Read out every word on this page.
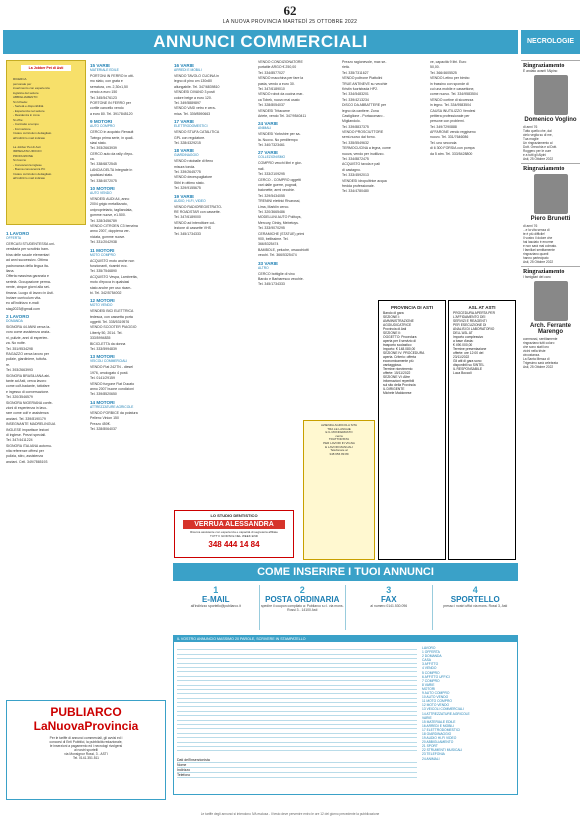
62
LA NUOVA PROVINCIA MARTEDÌ 25 OTTOBRE 2022
ANNUNCI COMMERCIALI	NECROLOGIE
La Jobber Pet di Asti
RICERCA
personale per
inserimento con esperienza
logistica del settore
ABBIGLIAMENTO
Si richiede:
- Serietà e disponibilità
- Esperienza nel settore
- Residenza in zona
Si offre:
- Contratto a tempo
- Formazione
Inviare curriculum dettagliato
all'indirizzo mail indicato
La Jobber Pet di Asti
IMPIEGATA UFFICIO
PRODUZIONE
Si ricerca:
- Conoscenza inglese
- Buona conoscenza PC
Inviare curriculum dettagliato
all'indirizzo mail indicato
1 LAVORO
OFFERTA

CERCASI STUDENTESSA uni-

versitaria per scrutinio bam-

bina delle scuole elementari

ad anni successivo. Ottima

padronanza della lingua ita-

liana.

Offerta massima garanzia e

serietà. Occupazione perma-

nente, cinque giorni alla set-

timana. Luogo di lavoro in Asti.

Inviare curriculum vita-

eo all'indirizzo e-mail:

stag2023@gmail.com

2 LAVORO
DOMANDA

SIGNORA 44 ANNI cerca la-

voro come assistenza anzia-

ni, pulizie, anni di esperien-

za. No notte.

Tel. 351/9534298

RAGAZZO cerca lavoro per

pulizie, giardiniere, tuttofa-

re.

Tel. 393/2663993

SIGNORA BRASILIANA abi-

tante ad Asti, cerca lavoro

come colf-badante, tuttofare

e ingesso di conversazione.

Tel. 320/3546579

SIGNORA NIGERIANA confe-

zioni di esperienza in lavo-

rare come colf e assistenza

anziani. Tel. 339/8190179

INSEGNANTE MADRELINGUA

INGLESE impartisce lezioni

di inglese. Prezzi speciali.

Tel. 347/4411224

SIGNORA ITALIANA automu-

nita referenze offresi per

pulizia, stiro, assistenza

anziani. Cell. 349/7865193

15 VARIE
MATERIALE EDILE

PORTONI IN FERRO in otti-

mo stato, con grata e

serratura, cm. 2,30x1,50

vendo a euro 150

Tel. 345/5476123

PORTONE IN FERRO per

cortile cancello vendo

a euro 80. Tel. 3917845120

9 MOTORI
AUTO COMPRO

CERCO in acquisto Renault

Twingo prima serie, in quali-

siasi stato.

Tel. 393/2663939

CERCO auto da rally d'epo-

ca.

Tel. 338/6872545

LANCIA DELTA Integrale in

qualsiasi stato.

Tel. 338/4072075

10 MOTORI
AUTO VENDO

VENDESI AUDI A4, anno

2004 grigio metallizzato,

uniproprietario, tagliandata,

gomme nuove, e1.500.

Tel. 328/3456789

VENDO CITROEN C3 benzina

anno 2007, doppiena ver-

niciata, gomme nuove.

Tel. 331/2042938

11 MOTORI
MOTO COMPRO

ACQUISTO moto anche non

funzionanti, ricambi ecc.

Tel. 335/7546890

ACQUISTO Vespa, Lambretta,

moto d'epoca in qualsiasi

stato anche per uso ricam-

bi. Tel. 342/5754002

12 MOTORI
MOTO VENDO

VENDESI BICI ELETTRICA

tedesca, con cassetta porta

oggetti. Tel. 335/5319576

VENDO SCOOTER PIAGGIO

Liberty 50, 2014. Tel.

333/5994835

BICICLETTA da donna

Tel. 333/5994839

13 MOTORI
VEICOLI COMMERCIALI

VENDO Fiat 242TN - diesel

1976, omologato 4 posti.

Tel. 0141/29159

VENDO furgone Fiat Ducato

anno 2007 buone condizioni

Tel. 339/8520650

14 MOTORI
ATTREZZATURE AGRICOLE

VENDO FORBICE da potatura

Pellenc Vinion 150

Prezzo 450€.

Tel. 328/8064037

16 VARIE
ARREDI E MOBILI

VENDO TAVOLO CUCINA in

legno di pino cm 130x80

allungabile. Tel. 347/6839810

VENDESI DIVANO 3 posti

colore beige a euro 120.

Tel. 349/5889897

VENDO VASI vetro e cera-

mica. Tel. 339/8590663

17 VARIE
ELETTRODOMESTICI

VENDO STUFA CATALITICA

GPL con regolatore.

Tel. 328/4329215

18 VARIE
GIARDINAGGIO

VENDO rotoballe di fieno

misura tonda.

Tel. 339/2645775

VENDO decespugliatore

Stihl in ottimo stato.

Tel. 329/9155675

19 VARIE
AUDIO, HI-FI, VIDEO

VENDO RADIOREGISTRATO-

RE ROADSTAR con cassette.

Tel. 347/6189000

VENDO ad intenditore col-

lezione di cassette VHS

Tel. 345/1734333

VENDO CONDIZIONATORE

portatile ARGO € 250,00

Tel. 334/8577027

VENDO macchina per fare la

pasta, vendo a euro 30.

Tel. 347/6189010

VENDO robot da cucina mar-

ca Tobek, nuovo mai usato

Tel. 328/8054037

VENDESI Tritacarne

Ariete, vendo Tel. 347/9540411

24 VARIE
ANIMALI

VENDESI Yorkshire per sa-

la. Nuovo. No perditempo

Tel. 340/7323461

27 VARIE
COLLEZIONISMO

COMPRO vecchi libri e gior-

nali.

Tel. 333/2109295

CERCO - COMPRO oggetti

vari dalle guerre, pugnali,

baionette, armi vecchie.

Tel. 329/5434055

TRENINI elettrici Rivarossi,

Lima, Marklin cerco.

Tel. 320/3665486

MODELLINI AUTO Politoys,

Mercury, Dinky, Mebetoys.

Tel. 333/9070295

CERAMICHE (STATUE) primi

900, bellissime. Tel.

366/5325474

BAMBOLE, peluche, orsacchiotti

vecchi. Tel. 366/5325474

33 VARIE
ALTRO

CERCO bottiglie di vino

Barolo e Barbaresco vecchie.

Tel. 345/1734333

Prezzo ragionevole, max se-

rietà.

Tel. 335/7311627

VENDO poltrone Piattolini

TRUE ANTINEVE su vecchie

Kristin fuoristrada HP2.

Tel. 334/5483201

Tel. 339/4213234

DISCO DA ABBATTERE per

legno da cantiere. Zona

Castiglione - Portacomaro -

Migliandolo.

Tel. 339/8837375

VENDO PROSCIUTTORE

semi-nuovo dal forno.

Tel. 335/5549632

TERMOCUCINA a legna, come

nuova, vendo per inutilizzo.

Tel. 334/8872475

ACQUISTO tavola e pali

di castagno.

Tel. 333/4592013

VENDESI idropulitrice acqua

fredda professionale.

Tel. 334/4780480

ve, capacità 9 litri. Euro

50,00.

Tel. 366/4605525

VENDO Letino per bimbo

in frassino con sponde di

cui una mobile e cassettone,

come nuovo. Tel. 334/9583504

VENDO cortine di sicurezza

in legno. Tel. 334/9583504

CAUSA INUTILIZZO Vendesi

pettiera professionale per

persone con problemi.

Tel. 349/7290888

AFFARONE vendo reggiseno

nuovo. Tel. 331/7646086

Tel. uno seconda

di 6 300 FORSIA con pompa

da 5 atm. Tel. 333/5428800

AZIENDA AGRICOLA SITA
TRA LE LANGHE
E IL MONFERRATO
cerca
TRATTORISTA
PER LAVORI IN VIGNA
E LAVORI MANUALI
Telefonare al
348 656 89 89
PROVINCIA DI ASTI
Bando di gara
SEZIONE I:
AMMINISTRAZIONE
AGGIUDICATRICE
Provincia di Asti
SEZIONE II:
OGGETTO: Procedura
aperta per il servizio di
trasporto scolastico
Importo: € 148.080,00
SEZIONE IV: PROCEDURA
aperta. Criterio: offerta
economicamente più
vantaggiosa.
Termine ricevimento
offerte: 15/11/2022
SEZIONE VI: Altre
informazioni reperibili
sul sito della Provincia
IL DIRIGENTE
Michele Maldonese
ASL AT ASTI
PROCEDURA APERTA PER
L'AFFIDAMENTO DEI
SERVIZI E REAGENTI
PER ESECUZIONE DI
ANALISI DI LABORATORIO
DELL'ASL AT
Importo complessivo
a base d'asta:
€ 490.000,00
Termine presentazione
offerte: ore 12:00 del
23/11/2022
Gli atti di gara sono
disponibili su SINTEL
IL RESPONSABILE
Luca Boccoli
LO STUDIO DENTISTICO
VERRUA ALESSANDRA
Ricerca assistente con esperienza e capacità di segreteria affiliate
TUTTI I GIORNI E NEL WEEK END
348 444 14 84
COME INSERIRE I TUOI ANNUNCI
1
E-MAIL
all'indirizzo sportello@publiarco.it
2
POSTA ORDINARIA
spedire il coupon compilato a: Publiarco s.r.l. via mons. Rossi 3 - 14100 Asti
3
FAX
al numero 0141.530.096
4
SPORTELLO
presso i nostri uffici via mons. Rossi 3, Asti
IL VOSTRO ANNUNCIO MASSIMO 20 PAROLE, SCRIVERE IN STAMPATELLO
LAVORO
1 OFFERTA
2 DOMANDA
CASA
3 AFFITTO
4 VENDO
5 COMPRO
6 AFFITTO UFFICI
7 COMPRO
8 VARIE
MOTORI
9 AUTO COMPRO
10 AUTO VENDO
11 MOTO COMPRO
12 MOTO VENDO
13 VEICOLI COMMERCIALI
14 ATTREZZATURE AGRICOLE
VARIE
15 MATERIALE EDILE
16 ARREDI E MOBILI
17 ELETTRODOMESTICI
18 GIARDINAGGIO
19 AUDIO HI-FI VIDEO
20 ABBIGLIAMENTO
21 SPORT
22 STRUMENTI MUSICALI
23 TELEFONIA
24 ANIMALI
Dati dell'inserzionista
Nome
Indirizzo
Telefono
PUBLIARCO LaNuovaProvincia
Per le tariffe di annunci commerciali, gli avvisi ed i
concorsi di Enti Pubblici, la pubblicità redazionale,
le inserzioni a pagamento ed i necrologi rivolgersi
ai nostri sportelli
via Monsignor Rossi, 3 - ASTI
Tel. 0141.351.511
Ringraziamento
È andato avanti l'Alpino
Domenico Voglino
di anni 76
Tutto quello che, dal
cielo veglia su di me,
Tua moglie
Un ringraziamento al
Dott. Orecchia e al Dott.
Roggero per le cure
e a tutti gli Alpini
Asti, 25 Ottobre 2022
Ringraziamento
Piero Brunetti
di anni 76
...e la vita senza di
te è più difficile!
Il vostro il dolore che
hai lasciato è enorme
e non sarà mai colmato.
I familiari sentitamente
ringraziano quanti
hanno partecipato
Asti, 25 Ottobre 2022
Ringraziamento
I famigliari del caro
Arch. Ferrante Marengo
commossi, sentitamente
ringraziano tutti coloro
che sono stati loro
vicini nella triste
circostanza.
La Santa Messa di
Trigesimo sarà celebrata
Asti, 25 Ottobre 2022
Le tariffe degli annunci si intendono IVA esclusa - Il testo deve pervenire entro le ore 12 del giorno precedente la pubblicazione
